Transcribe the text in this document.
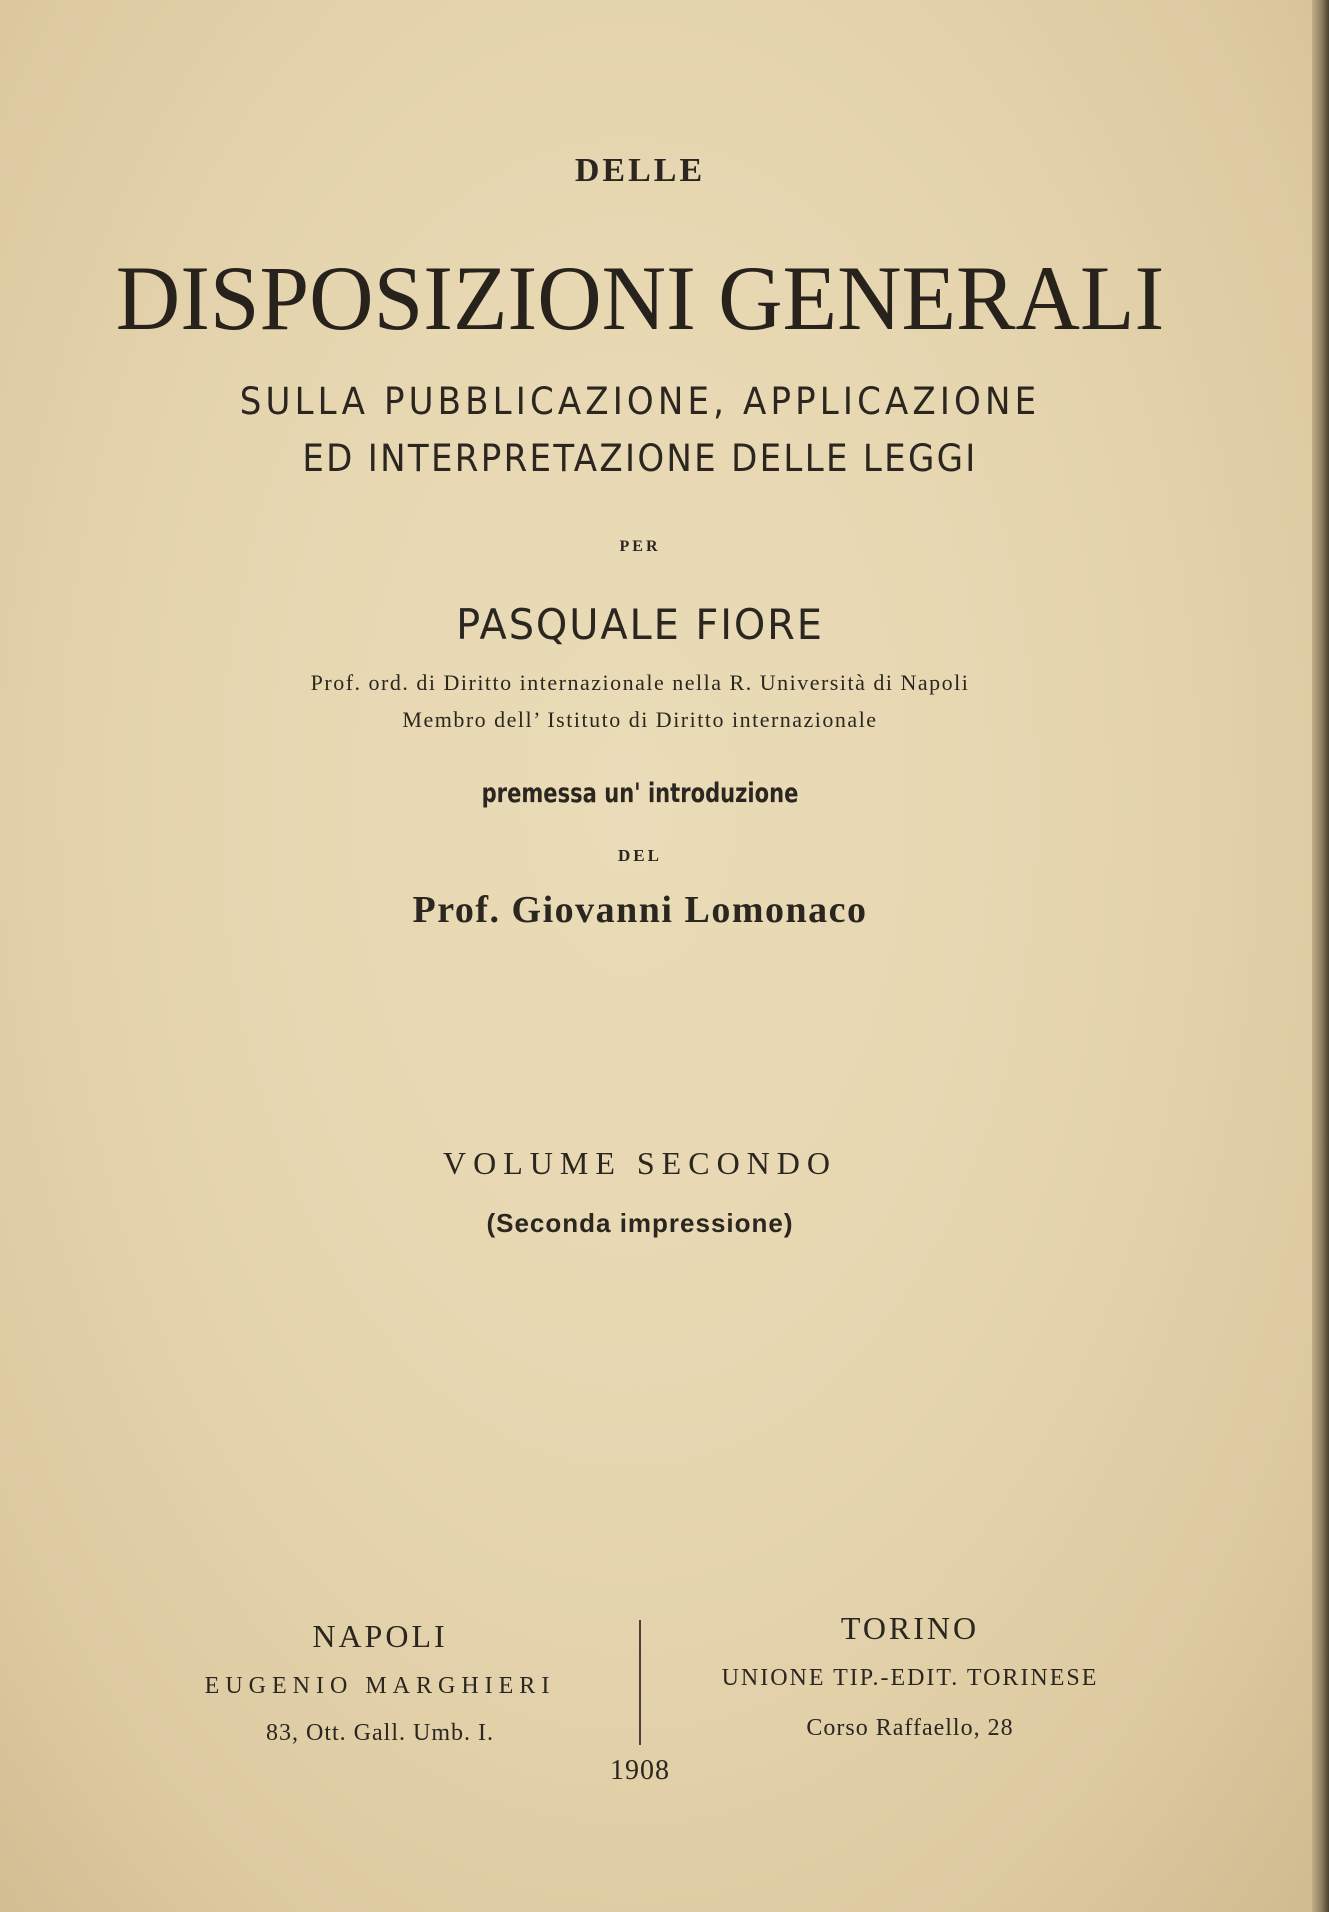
DELLE

DISPOSIZIONI GENERALI

SULLA PUBBLICAZIONE, APPLICAZIONE

ED INTERPRETAZIONE DELLE LEGGI

PER

PASQUALE FIORE

Prof. ord. di Diritto internazionale nella R. Università di Napoli

Membro dell’ Istituto di Diritto internazionale

premessa un' introduzione

DEL

Prof. Giovanni Lomonaco

VOLUME SECONDO

(Seconda impressione)

NAPOLI
EUGENIO MARGHIERI
83, Ott. Gall. Umb. I.
TORINO
UNIONE TIP.-EDIT. TORINESE
Corso Raffaello, 28

1908
